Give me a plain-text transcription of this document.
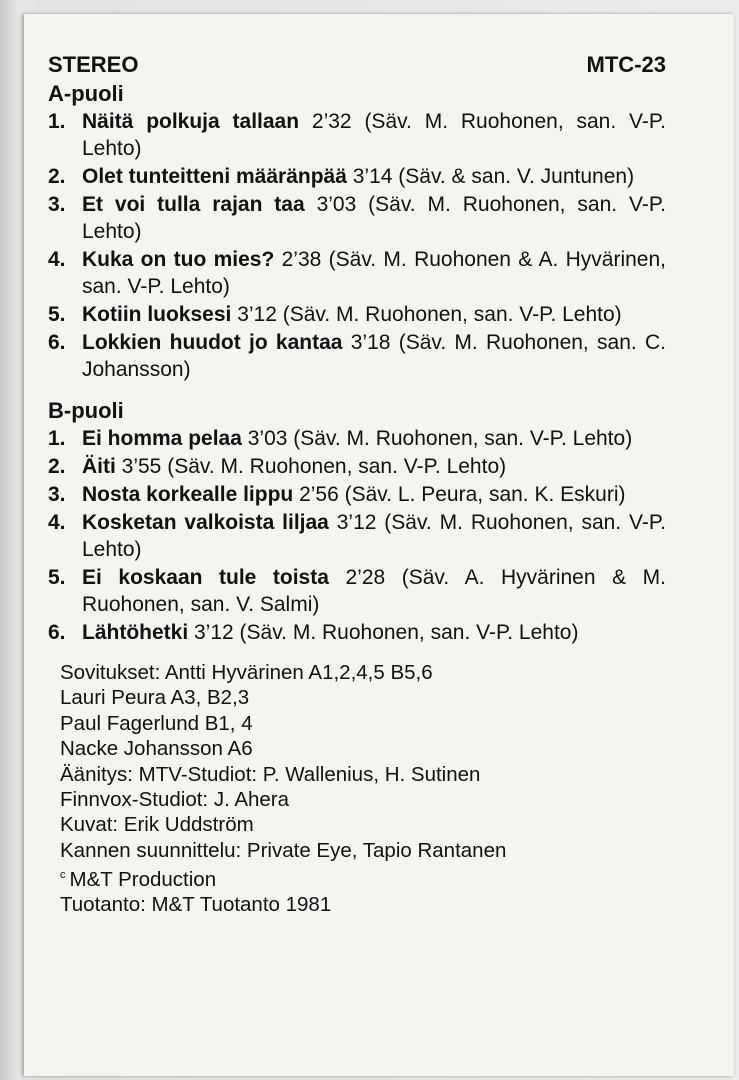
STEREO	MTC-23
A-puoli
1. Näitä polkuja tallaan 2’32 (Säv. M. Ruohonen, san. V-P. Lehto)
2. Olet tunteitteni määränpää 3’14 (Säv. & san. V. Juntunen)
3. Et voi tulla rajan taa 3’03 (Säv. M. Ruohonen, san. V-P. Lehto)
4. Kuka on tuo mies? 2’38 (Säv. M. Ruohonen & A. Hyvärinen, san. V-P. Lehto)
5. Kotiin luoksesi 3’12 (Säv. M. Ruohonen, san. V-P. Lehto)
6. Lokkien huudot jo kantaa 3’18 (Säv. M. Ruohonen, san. C. Johansson)
B-puoli
1. Ei homma pelaa 3’03 (Säv. M. Ruohonen, san. V-P. Lehto)
2. Äiti 3’55 (Säv. M. Ruohonen, san. V-P. Lehto)
3. Nosta korkealle lippu 2’56 (Säv. L. Peura, san. K. Eskuri)
4. Kosketan valkoista liljaa 3’12 (Säv. M. Ruohonen, san. V-P. Lehto)
5. Ei koskaan tule toista 2’28 (Säv. A. Hyvärinen & M. Ruohonen, san. V. Salmi)
6. Lähtöhetki 3’12 (Säv. M. Ruohonen, san. V-P. Lehto)
Sovitukset: Antti Hyvärinen A1,2,4,5 B5,6
Lauri Peura A3, B2,3
Paul Fagerlund B1, 4
Nacke Johansson A6
Äänitys: MTV-Studiot: P. Wallenius, H. Sutinen
Finnvox-Studiot: J. Ahera
Kuvat: Erik Uddström
Kannen suunnittelu: Private Eye, Tapio Rantanen
$^c$ M&T Production
Tuotanto: M&T Tuotanto 1981
